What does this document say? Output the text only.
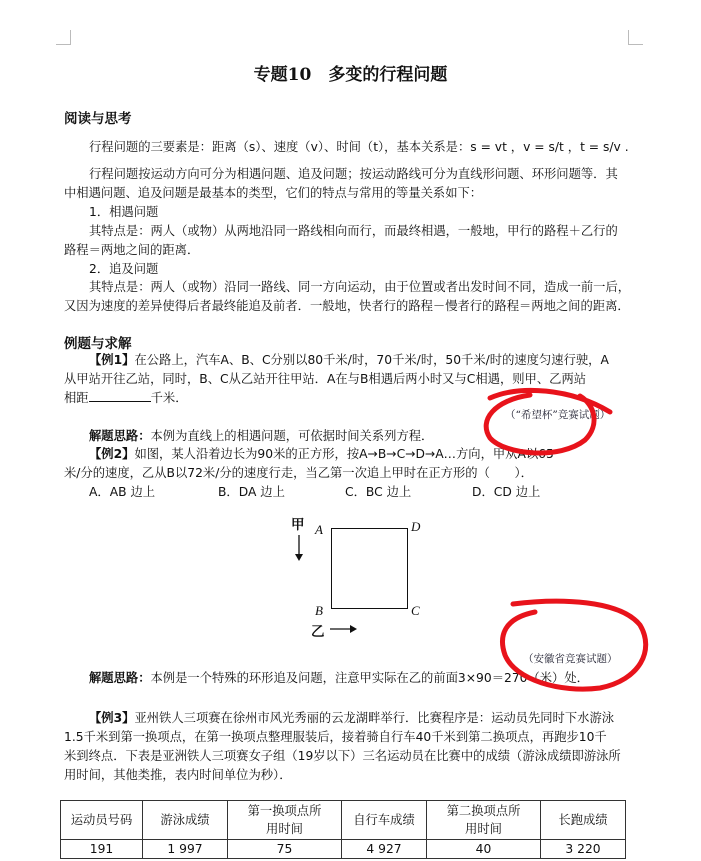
专题10　多变的行程问题
阅读与思考
行程问题的三要素是：距离（s）、速度（v）、时间（t），基本关系是：s = vt ，v = s/t ，t = s/v .
行程问题按运动方向可分为相遇问题、追及问题；按运动路线可分为直线形问题、环形问题等．其
中相遇问题、追及问题是最基本的类型，它们的特点与常用的等量关系如下：
1．相遇问题
其特点是：两人（或物）从两地沿同一路线相向而行，而最终相遇，一般地，甲行的路程＋乙行的
路程＝两地之间的距离．
2．追及问题
其特点是：两人（或物）沿同一路线、同一方向运动，由于位置或者出发时间不同，造成一前一后，
又因为速度的差异使得后者最终能追及前者．一般地，快者行的路程－慢者行的路程＝两地之间的距离．
例题与求解
【例1】在公路上，汽车A、B、C分别以80千米/时，70千米/时，50千米/时的速度匀速行驶，A
从甲站开往乙站，同时，B、C从乙站开往甲站．A在与B相遇后两小时又与C相遇，则甲、乙两站
相距	千米．
（“希望杯”竞赛试题）
解题思路：本例为直线上的相遇问题，可依据时间关系列方程．
【例2】如图，某人沿着边长为90米的正方形，按A→B→C→D→A…方向，甲从A以65
米/分的速度，乙从B以72米/分的速度行走，当乙第一次追上甲时在正方形的（　　）．
A．AB 边上	B．DA 边上	C．BC 边上	D．CD 边上
甲 A	D
B	C
乙
（安徽省竞赛试题）
解题思路：本例是一个特殊的环形追及问题，注意甲实际在乙的前面3×90＝270（米）处．
【例3】亚州铁人三项赛在徐州市风光秀丽的云龙湖畔举行．比赛程序是：运动员先同时下水游泳
1.5千米到第一换项点，在第一换项点整理服装后，接着骑自行车40千米到第二换项点，再跑步10千
米到终点．下表是亚洲铁人三项赛女子组（19岁以下）三名运动员在比赛中的成绩（游泳成绩即游泳所
用时间，其他类推，表内时间单位为秒）．
运动员号码	游泳成绩	第一换项点所用时间	自行车成绩	第二换项点所用时间	长跑成绩
191	1 997	75	4 927	40	3 220
